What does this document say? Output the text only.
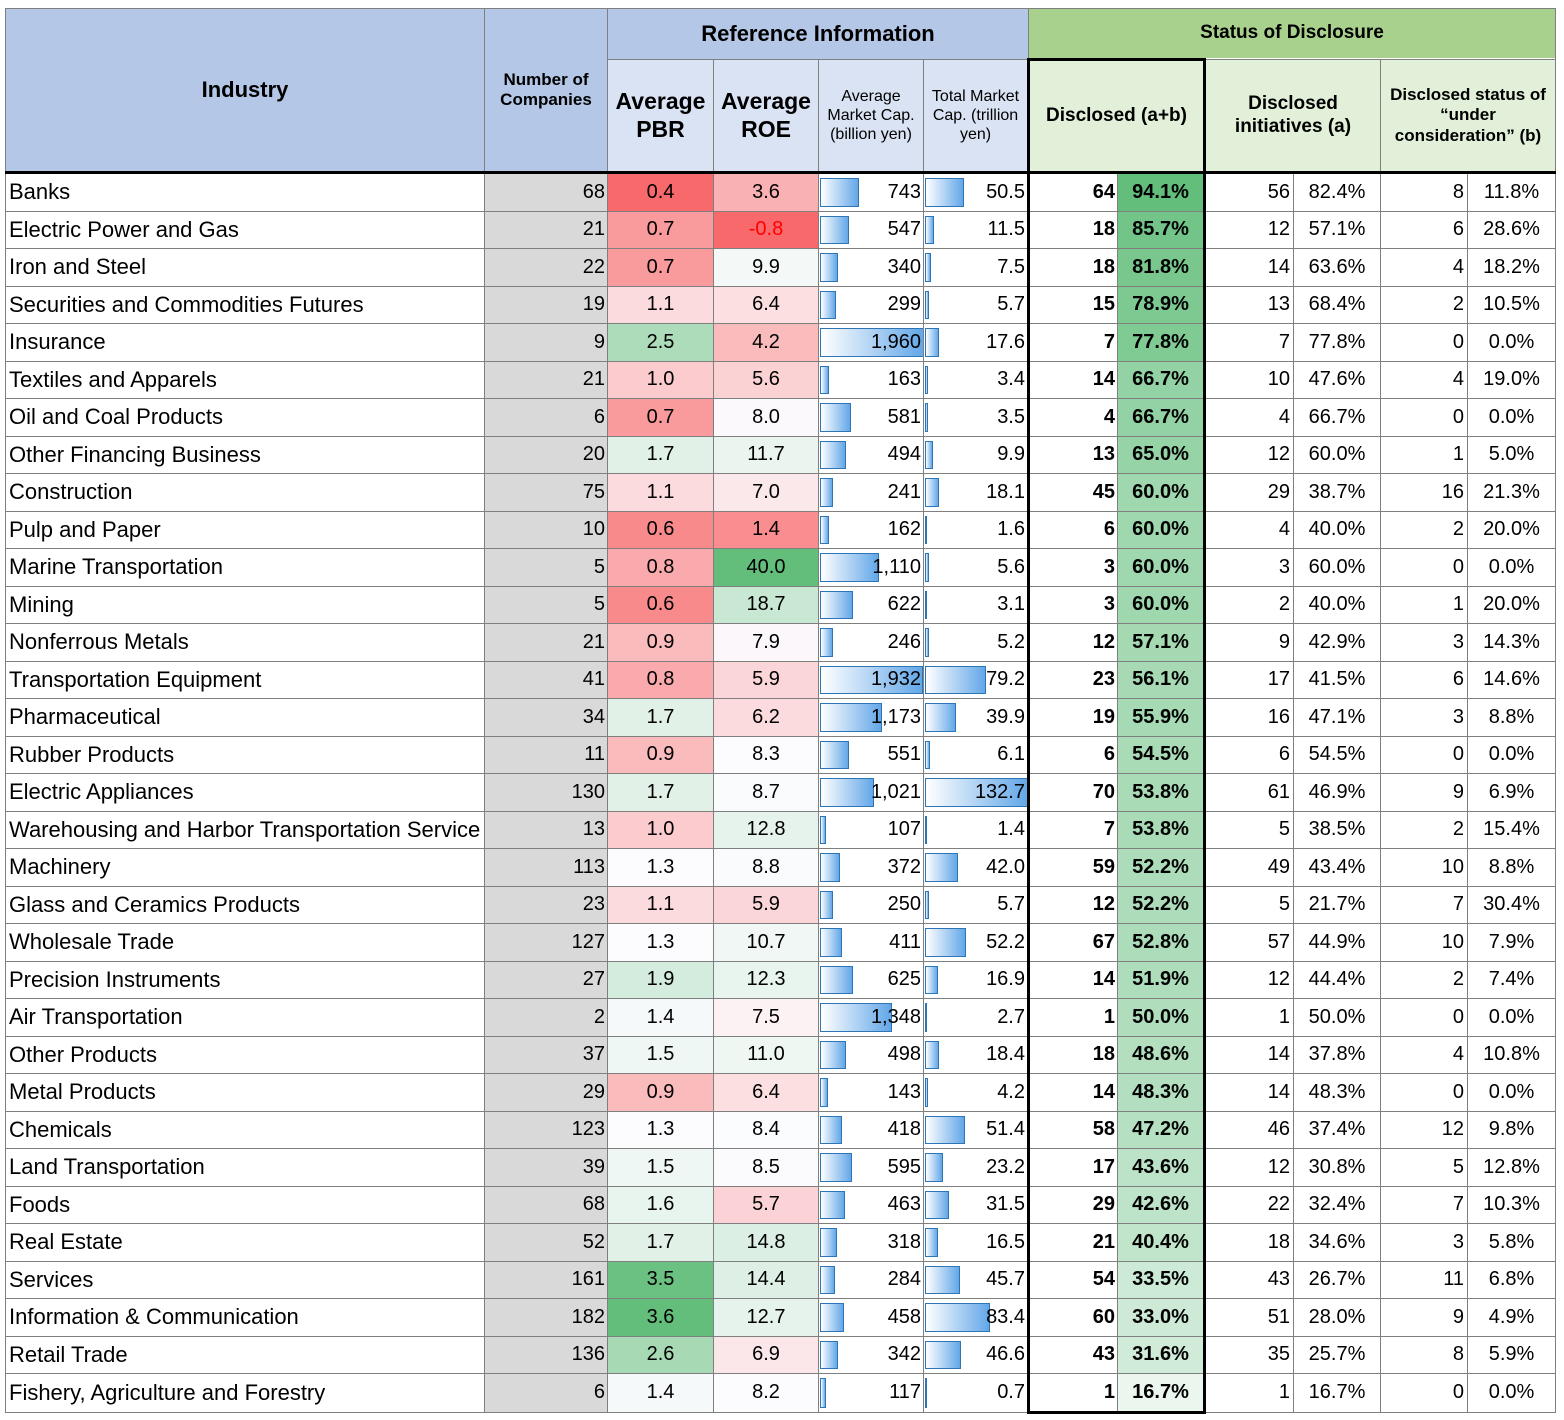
Industry	Number of Companies	Reference Information				Status of Disclosure					
		Average PBR	Average ROE	Average Market Cap. (billion yen)	Total Market Cap. (trillion yen)	Disclosed (a+b)		Disclosed initiatives (a)		Disclosed status of “under consideration” (b)	
Banks	68	0.4	3.6	743	50.5	64	94.1%	56	82.4%	8	11.8%
Electric Power and Gas	21	0.7	-0.8	547	11.5	18	85.7%	12	57.1%	6	28.6%
Iron and Steel	22	0.7	9.9	340	7.5	18	81.8%	14	63.6%	4	18.2%
Securities and Commodities Futures	19	1.1	6.4	299	5.7	15	78.9%	13	68.4%	2	10.5%
Insurance	9	2.5	4.2	1,960	17.6	7	77.8%	7	77.8%	0	0.0%
Textiles and Apparels	21	1.0	5.6	163	3.4	14	66.7%	10	47.6%	4	19.0%
Oil and Coal Products	6	0.7	8.0	581	3.5	4	66.7%	4	66.7%	0	0.0%
Other Financing Business	20	1.7	11.7	494	9.9	13	65.0%	12	60.0%	1	5.0%
Construction	75	1.1	7.0	241	18.1	45	60.0%	29	38.7%	16	21.3%
Pulp and Paper	10	0.6	1.4	162	1.6	6	60.0%	4	40.0%	2	20.0%
Marine Transportation	5	0.8	40.0	1,110	5.6	3	60.0%	3	60.0%	0	0.0%
Mining	5	0.6	18.7	622	3.1	3	60.0%	2	40.0%	1	20.0%
Nonferrous Metals	21	0.9	7.9	246	5.2	12	57.1%	9	42.9%	3	14.3%
Transportation Equipment	41	0.8	5.9	1,932	79.2	23	56.1%	17	41.5%	6	14.6%
Pharmaceutical	34	1.7	6.2	1,173	39.9	19	55.9%	16	47.1%	3	8.8%
Rubber Products	11	0.9	8.3	551	6.1	6	54.5%	6	54.5%	0	0.0%
Electric Appliances	130	1.7	8.7	1,021	132.7	70	53.8%	61	46.9%	9	6.9%
Warehousing and Harbor Transportation Service	13	1.0	12.8	107	1.4	7	53.8%	5	38.5%	2	15.4%
Machinery	113	1.3	8.8	372	42.0	59	52.2%	49	43.4%	10	8.8%
Glass and Ceramics Products	23	1.1	5.9	250	5.7	12	52.2%	5	21.7%	7	30.4%
Wholesale Trade	127	1.3	10.7	411	52.2	67	52.8%	57	44.9%	10	7.9%
Precision Instruments	27	1.9	12.3	625	16.9	14	51.9%	12	44.4%	2	7.4%
Air Transportation	2	1.4	7.5	1,348	2.7	1	50.0%	1	50.0%	0	0.0%
Other Products	37	1.5	11.0	498	18.4	18	48.6%	14	37.8%	4	10.8%
Metal Products	29	0.9	6.4	143	4.2	14	48.3%	14	48.3%	0	0.0%
Chemicals	123	1.3	8.4	418	51.4	58	47.2%	46	37.4%	12	9.8%
Land Transportation	39	1.5	8.5	595	23.2	17	43.6%	12	30.8%	5	12.8%
Foods	68	1.6	5.7	463	31.5	29	42.6%	22	32.4%	7	10.3%
Real Estate	52	1.7	14.8	318	16.5	21	40.4%	18	34.6%	3	5.8%
Services	161	3.5	14.4	284	45.7	54	33.5%	43	26.7%	11	6.8%
Information & Communication	182	3.6	12.7	458	83.4	60	33.0%	51	28.0%	9	4.9%
Retail Trade	136	2.6	6.9	342	46.6	43	31.6%	35	25.7%	8	5.9%
Fishery, Agriculture and Forestry	6	1.4	8.2	117	0.7	1	16.7%	1	16.7%	0	0.0%
